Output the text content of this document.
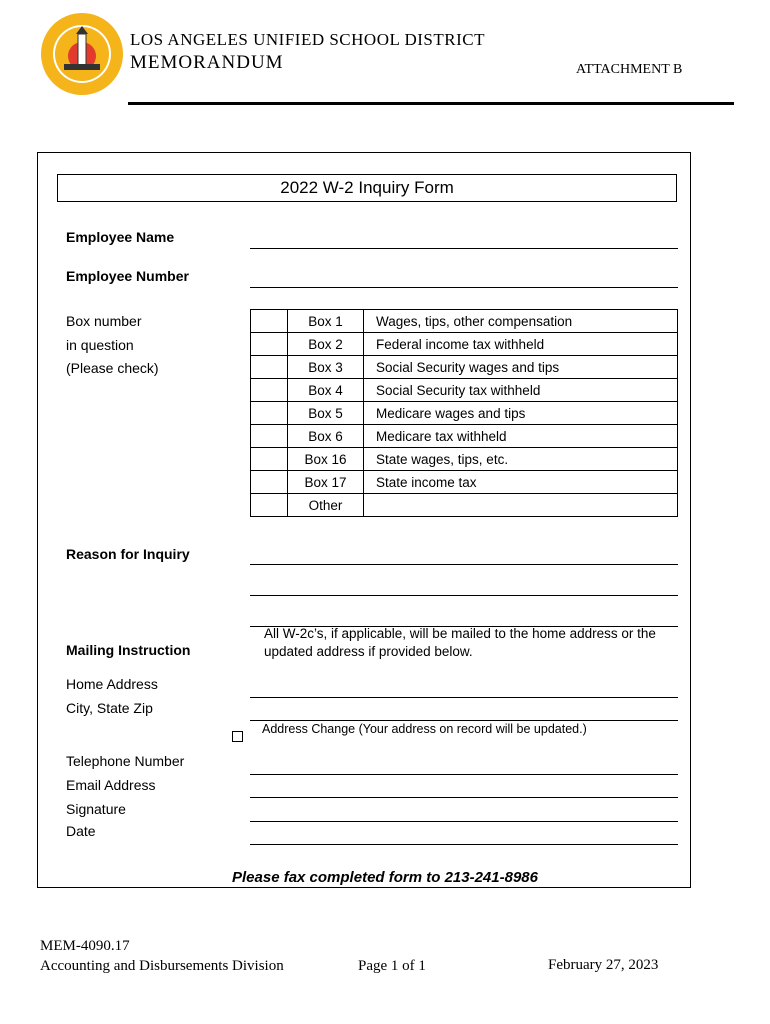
LOS ANGELES UNIFIED SCHOOL DISTRICT
MEMORANDUM	ATTACHMENT B
2022 W-2 Inquiry Form
Employee Name
Employee Number
Box number
in question
(Please check)
	Box 1	Wages, tips, other compensation
	Box 2	Federal income tax withheld
	Box 3	Social Security wages and tips
	Box 4	Social Security tax withheld
	Box 5	Medicare wages and tips
	Box 6	Medicare tax withheld
	Box 16	State wages, tips, etc.
	Box 17	State income tax
	Other	
Reason for Inquiry
Mailing Instruction
All W-2c’s, if applicable, will be mailed to the home address or the updated address if provided below.
Home Address
City, State Zip
Address Change (Your address on record will be updated.)
Telephone Number
Email Address
Signature
Date
Please fax completed form to 213-241-8986
MEM-4090.17
Accounting and Disbursements Division	Page 1 of 1	February 27, 2023
